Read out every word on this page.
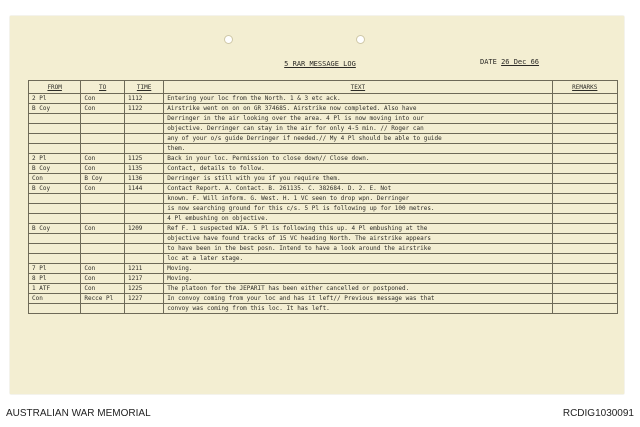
5 RAR MESSAGE LOG	DATE 26 Dec 66
FROM	TO	TIME	TEXT	REMARKS
2 Pl	Con	1112	Entering your loc from the North. 1 & 3 etc ack.	
B Coy	Con	1122	Airstrike went on on on GR 374685. Airstrike now completed. Also have	
			Derringer in the air looking over the area. 4 Pl is now moving into our	
			objective. Derringer can stay in the air for only 4-5 min. // Roger can	
			any of your o/s guide Derringer if needed.// My 4 Pl should be able to guide	
			them.	
2 Pl	Con	1125	Back in your loc. Permission to close down// Close down.	
B Coy	Con	1135	Contact, details to follow.	
Con	B Coy	1136	Derringer is still with you if you require them.	
B Coy	Con	1144	Contact Report. A. Contact. B. 261135. C. 382684. D. 2. E. Not	
			known. F. Will inform. G. West. H. 1 VC seen to drop wpn. Derringer	
			is now searching ground for this c/s. 5 Pl is following up for 100 metres.	
			4 Pl embushing on objective.	
B Coy	Con	1209	Ref F. 1 suspected WIA. 5 Pl is following this up. 4 Pl embushing at the	
			objective have found tracks of 15 VC heading North. The airstrike appears	
			to have been in the best posn. Intend to have a look around the airstrike	
			loc at a later stage.	
7 Pl	Con	1211	Moving.	
8 Pl	Con	1217	Moving.	
1 ATF	Con	1225	The platoon for the JEPARIT has been either cancelled or postponed.	
Con	Recce Pl	1227	In convoy coming from your loc and has it left// Previous message was that	
			convoy was coming from this loc. It has left.	
AUSTRALIAN WAR MEMORIAL	RCDIG1030091
